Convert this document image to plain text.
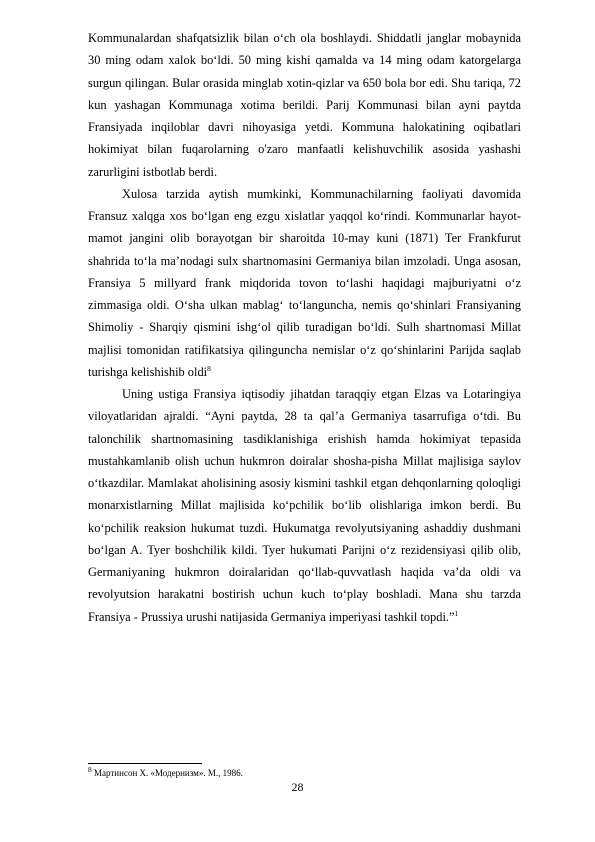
Kommunalardan shafqatsizlik bilan o‘ch ola boshlaydi. Shiddatli janglar mobaynida 30 ming odam xalok bo‘ldi. 50 ming kishi qamalda va 14 ming odam katorgelarga surgun qilingan. Bular orasida minglab xotin-qizlar va 650 bola bor edi. Shu tariqa, 72 kun yashagan Kommunaga xotima berildi. Parij Kommunasi bilan ayni paytda Fransiyada inqiloblar davri nihoyasiga yetdi. Kommuna halokatining oqibatlari hokimiyat bilan fuqarolarning o'zaro manfaatli kelishuvchilik asosida yashashi zarurligini istbotlab berdi.

Xulosa tarzida aytish mumkinki, Kommunachilarning faoliyati davomida Fransuz xalqga xos bo‘lgan eng ezgu xislatlar yaqqol ko‘rindi. Kommunarlar hayot- mamot jangini olib borayotgan bir sharoitda 10-may kuni (1871) Ter Frankfurut shahrida to‘la ma’nodagi sulx shartnomasini Germaniya bilan imzoladi. Unga asosan, Fransiya 5 millyard frank miqdorida tovon to‘lashi haqidagi majburiyatni o‘z zimmasiga oldi. O‘sha ulkan mablag‘ to‘languncha, nemis qo‘shinlari Fransiyaning Shimoliy - Sharqiy qismini ishg‘ol qilib turadigan bo‘ldi. Sulh shartnomasi Millat majlisi tomonidan ratifikatsiya qilinguncha nemislar o‘z qo‘shinlarini Parijda saqlab turishga kelishishib oldi$^8$

Uning ustiga Fransiya iqtisodiy jihatdan taraqqiy etgan Elzas va Lotaringiya viloyatlaridan ajraldi. “Ayni paytda, 28 ta qal’a Germaniya tasarrufiga o‘tdi. Bu talonchilik shartnomasining tasdiklanishiga erishish hamda hokimiyat tepasida mustahkamlanib olish uchun hukmron doiralar shosha-pisha Millat majlisiga saylov o‘tkazdilar. Mamlakat aholisining asosiy kismini tashkil etgan dehqonlarning qoloqligi monarxistlarning Millat majlisida ko‘pchilik bo‘lib olishlariga imkon berdi. Bu ko‘pchilik reaksion hukumat tuzdi. Hukumatga revolyutsiyaning ashaddiy dushmani bo‘lgan A. Tyer boshchilik kildi. Tyer hukumati Parijni o‘z rezidensiyasi qilib olib, Germaniyaning hukmron doiralaridan qo‘llab-quvvatlash haqida va’da oldi va revolyutsion harakatni bostirish uchun kuch to‘play boshladi. Mana shu tarzda Fransiya - Prussiya urushi natijasida Germaniya imperiyasi tashkil topdi.”$^1$

$^8$ Мартинсон Х. «Модернизм». М., 1986.
28
